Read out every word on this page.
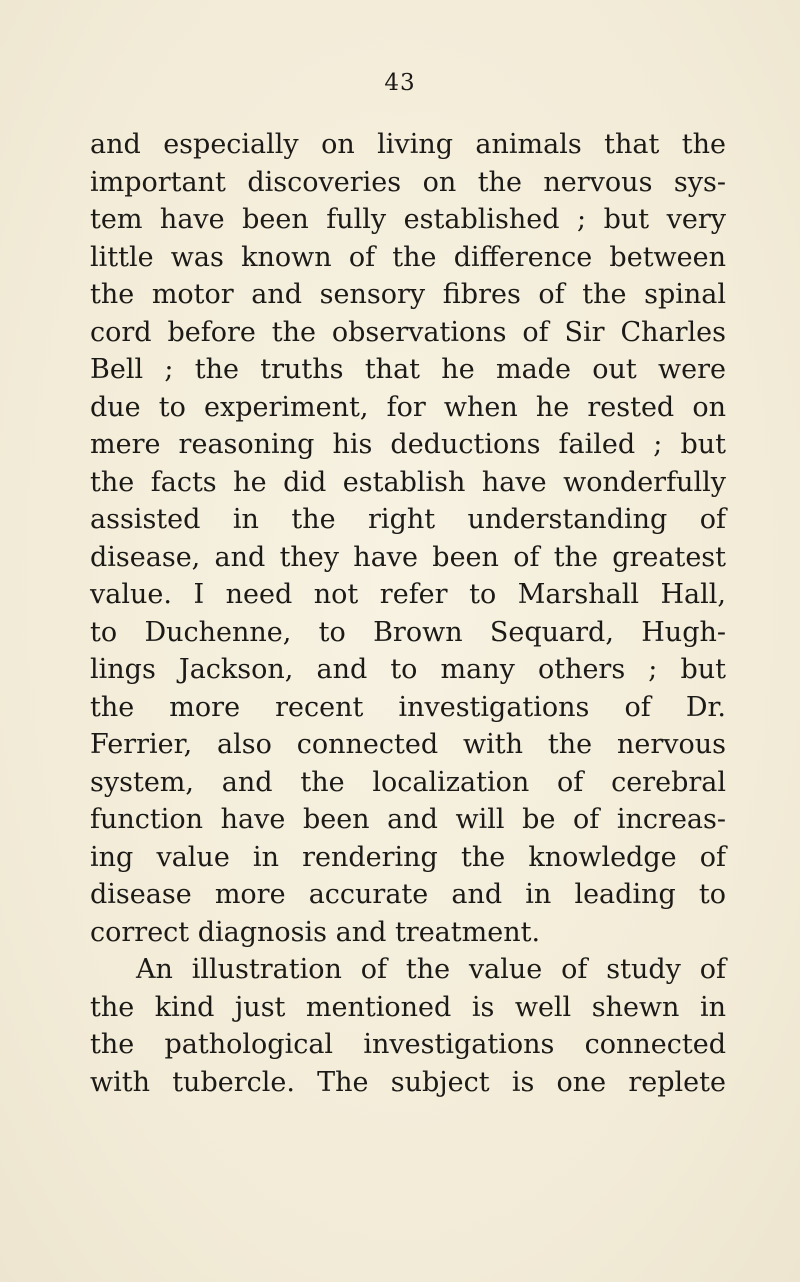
43
and especially on living animals that the
important discoveries on the nervous sys-
tem have been fully established ; but very
little was known of the difference between
the motor and sensory fibres of the spinal
cord before the observations of Sir Charles
Bell ; the truths that he made out were
due to experiment, for when he rested on
mere reasoning his deductions failed ; but
the facts he did establish have wonderfully
assisted in the right understanding of
disease, and they have been of the greatest
value. I need not refer to Marshall Hall,
to Duchenne, to Brown Sequard, Hugh-
lings Jackson, and to many others ; but
the more recent investigations of Dr.
Ferrier, also connected with the nervous
system, and the localization of cerebral
function have been and will be of increas-
ing value in rendering the knowledge of
disease more accurate and in leading to
correct diagnosis and treatment.
An illustration of the value of study of
the kind just mentioned is well shewn in
the pathological investigations connected
with tubercle. The subject is one replete
